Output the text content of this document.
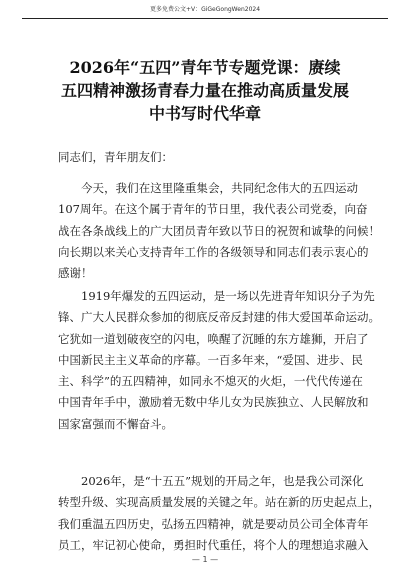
更多免费公文+V：GiGeGongWen2024
2026年“五四”青年节专题党课：赓续
五四精神激扬青春力量在推动高质量发展
中书写时代华章

同志们，青年朋友们：

今天，我们在这里隆重集会，共同纪念伟大的五四运动
107周年。在这个属于青年的节日里，我代表公司党委，向奋
战在各条战线上的广大团员青年致以节日的祝贺和诚挚的问候！
向长期以来关心支持青年工作的各级领导和同志们表示衷心的
感谢！
1919年爆发的五四运动，是一场以先进青年知识分子为先
锋、广大人民群众参加的彻底反帝反封建的伟大爱国革命运动。
它犹如一道划破夜空的闪电，唤醒了沉睡的东方雄狮，开启了
中国新民主主义革命的序幕。一百多年来，“爱国、进步、民
主、科学”的五四精神，如同永不熄灭的火炬，一代代传递在
中国青年手中，激励着无数中华儿女为民族独立、人民解放和
国家富强而不懈奋斗。
2026年，是“十五五”规划的开局之年，也是我公司深化
转型升级、实现高质量发展的关键之年。站在新的历史起点上，
我们重温五四历史，弘扬五四精神，就是要动员公司全体青年
员工，牢记初心使命，勇担时代重任，将个人的理想追求融入
— 1 —
